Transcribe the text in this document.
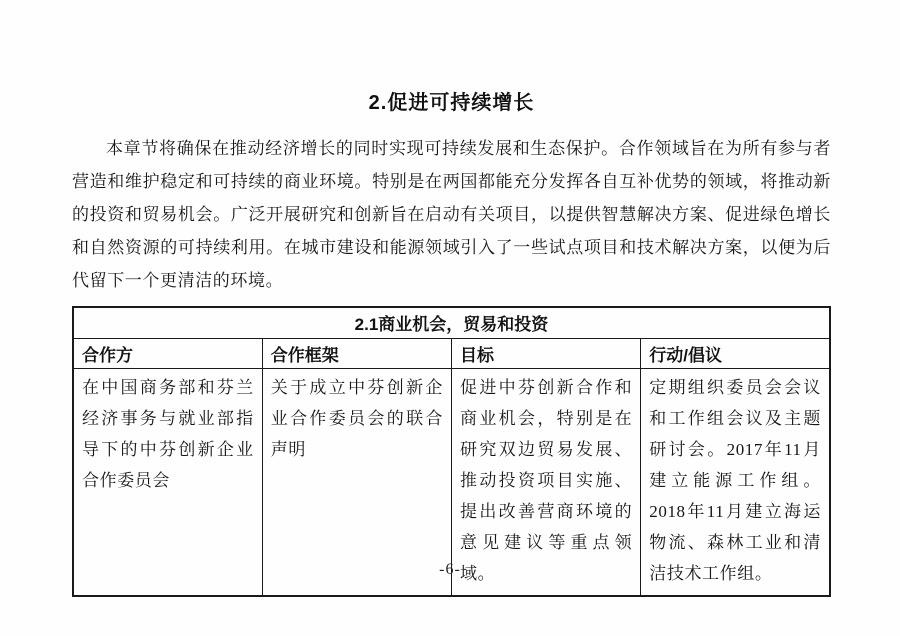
2.促进可持续增长

本章节将确保在推动经济增长的同时实现可持续发展和生态保护。合作领域旨在为所有参与者营造和维护稳定和可持续的商业环境。特别是在两国都能充分发挥各自互补优势的领域，将推动新的投资和贸易机会。广泛开展研究和创新旨在启动有关项目，以提供智慧解决方案、促进绿色增长和自然资源的可持续利用。在城市建设和能源领域引入了一些试点项目和技术解决方案，以便为后代留下一个更清洁的环境。

2.1商业机会，贸易和投资			
合作方	合作框架	目标	行动/倡议
在中国商务部和芬兰经济事务与就业部指导下的中芬创新企业合作委员会	关于成立中芬创新企业合作委员会的联合声明	促进中芬创新合作和商业机会，特别是在研究双边贸易发展、推动投资项目实施、提出改善营商环境的意见建议等重点领域。	定期组织委员会会议和工作组会议及主题研讨会。2017年11月建立能源工作组。2018年11月建立海运物流、森林工业和清洁技术工作组。
-6-
